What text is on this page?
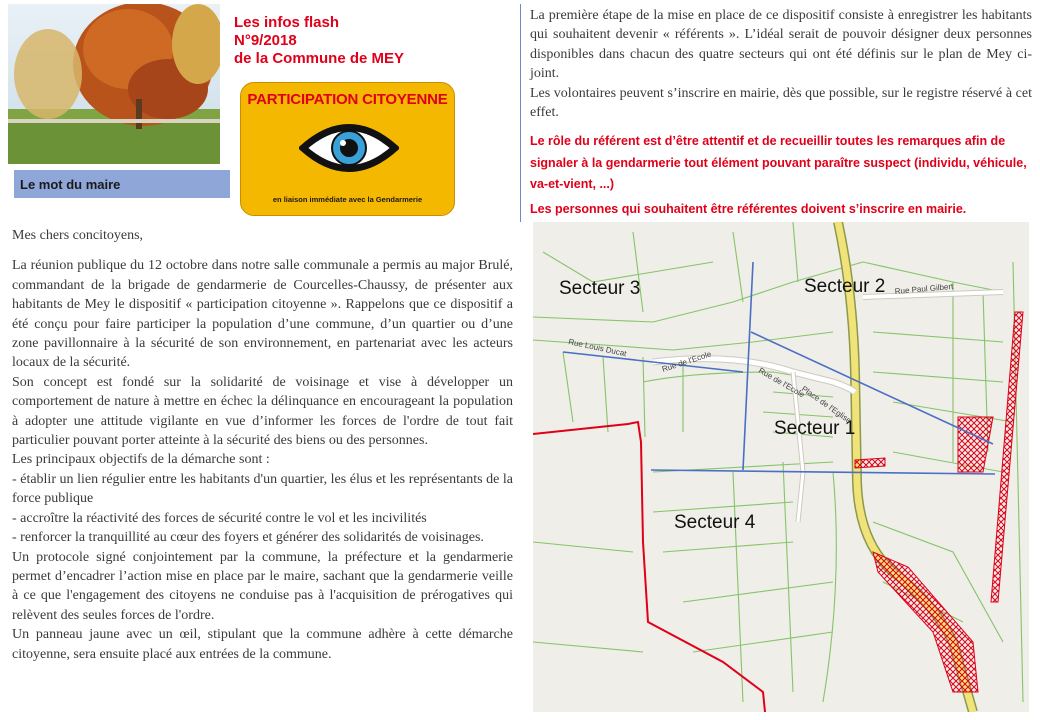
Les infos flash
N°9/2018
de la Commune de MEY
PARTICIPATION CITOYENNE
en liaison immédiate avec la Gendarmerie
Le mot du maire

Mes chers concitoyens,

La réunion publique du 12 octobre dans notre salle communale a permis au major Brulé, commandant de la brigade de gendarmerie de Courcelles-Chaussy, de présenter aux habitants de Mey le dispositif « participation citoyenne ». Rappelons que ce dispositif a été conçu pour faire participer la population d’une commune, d’un quartier ou d’une zone pavillonnaire à la sécurité de son environnement, en partenariat avec les acteurs locaux de la sécurité.

Son concept est fondé sur la solidarité de voisinage et vise à développer un comportement de nature à mettre en échec la délinquance en encourageant la population à adopter une attitude vigilante en vue d’informer les forces de l'ordre de tout fait particulier pouvant porter atteinte à la sécurité des biens ou des personnes.

Les principaux objectifs de la démarche sont :

- établir un lien régulier entre les habitants d'un quartier, les élus et les représentants de la force publique

- accroître la réactivité des forces de sécurité contre le vol et les incivilités

- renforcer la tranquillité au cœur des foyers et générer des solidarités de voisinages.

Un protocole signé conjointement par la commune, la préfecture et la gendarmerie permet d’encadrer l’action mise en place par le maire, sachant que la gendarmerie veille à ce que l'engagement des citoyens ne conduise pas à l'acquisition de prérogatives qui relèvent des seules forces de l'ordre.

Un panneau jaune avec un œil, stipulant que la commune adhère à cette démarche citoyenne, sera ensuite placé aux entrées de la commune.

La première étape de la mise en place de ce dispositif consiste à enregistrer les habitants qui souhaitent devenir « référents ». L’idéal serait de pouvoir désigner deux personnes disponibles dans chacun des quatre secteurs qui ont été définis sur le plan de Mey ci-joint.

Les volontaires peuvent s’inscrire en mairie, dès que possible, sur le registre réservé à cet effet.

Le rôle du référent est d’être attentif et de recueillir toutes les remarques afin de signaler à la gendarmerie tout élément pouvant paraître suspect (individu, véhicule, va-et-vient, ...)
Les personnes qui souhaitent être référentes doivent s’inscrire en mairie.
Secteur 3	Secteur 2
Secteur 1
Secteur 4
Rue Paul Gilbert
Rue Louis Ducat
Rue de l'Ecole
Rue de l'Ecole
Place de l'Eglise
